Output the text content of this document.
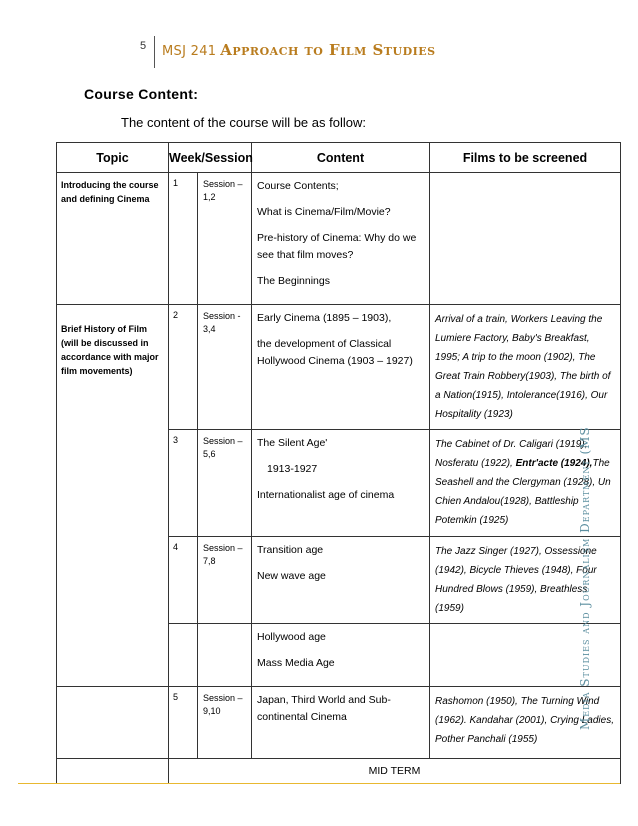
5 MSJ 241 Approach to Film Studies
Course Content:
The content of the course will be as follow:
Topic	Week/Session		Content	Films to be screened
Introducing the course and defining Cinema	1	Session – 1,2	Course Contents;

What is Cinema/Film/Movie?

Pre-history of Cinema: Why do we see that film moves?

The Beginnings	

Brief History of Film (will be discussed in accordance with major film movements)	2	Session - 3,4	Early Cinema (1895 – 1903),

the development of Classical Hollywood Cinema (1903 – 1927)	Arrival of a train, Workers Leaving the Lumiere Factory, Baby's Breakfast, 1995; A trip to the moon (1902), The Great Train Robbery(1903), The birth of a Nation(1915), Intolerance(1916), Our Hospitality (1923)
	3	Session – 5,6	The Silent Age'

1913-1927

Internationalist age of cinema	The Cabinet of Dr. Caligari (1919), Nosferatu (1922), Entr'acte (1924),The Seashell and the Clergyman (1928), Un Chien Andalou(1928), Battleship Potemkin (1925)
	4	Session – 7,8	Transition age

New wave age	The Jazz Singer (1927), Ossessione (1942), Bicycle Thieves (1948), Four Hundred Blows (1959), Breathless (1959)

			Hollywood age

Mass Media Age	

	5	Session – 9,10	Japan, Third World and Sub-continental Cinema	Rashomon (1950), The Turning Wind (1962). Kandahar (2001), Crying Ladies, Pother Panchali (1955)
	MID TERM			
Media Studies and Journalism Department (MS
